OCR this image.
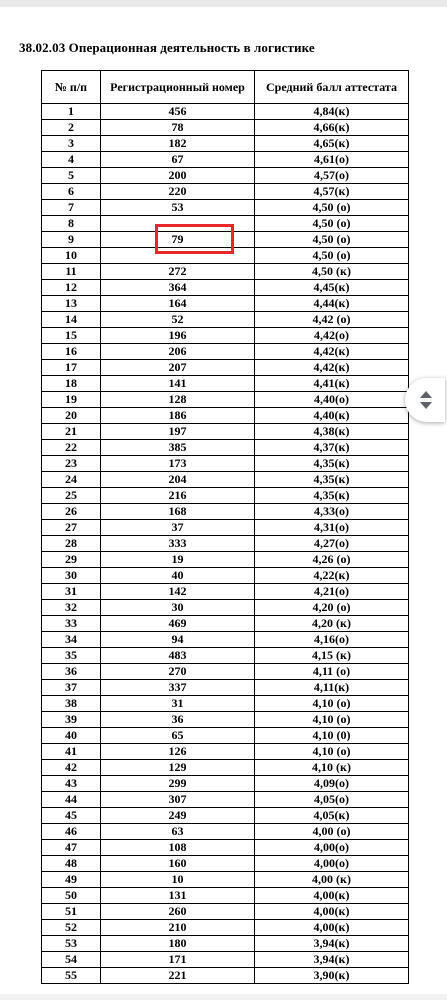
38.02.03 Операционная деятельность в логистике
№ п/п	Регистрационный номер	Средний балл аттестата
1	456	4,84(к)
2	78	4,66(к)
3	182	4,65(к)
4	67	4,61(о)
5	200	4,57(о)
6	220	4,57(к)
7	53	4,50 (о)
8		4,50 (о)
9	79	4,50 (о)
10		4,50 (о)
11	272	4,50 (к)
12	364	4,45(к)
13	164	4,44(к)
14	52	4,42 (о)
15	196	4,42(о)
16	206	4,42(к)
17	207	4,42(к)
18	141	4,41(к)
19	128	4,40(о)
20	186	4,40(к)
21	197	4,38(к)
22	385	4,37(к)
23	173	4,35(к)
24	204	4,35(к)
25	216	4,35(к)
26	168	4,33(о)
27	37	4,31(о)
28	333	4,27(о)
29	19	4,26 (о)
30	40	4,22(к)
31	142	4,21(о)
32	30	4,20 (о)
33	469	4,20 (к)
34	94	4,16(о)
35	483	4,15 (к)
36	270	4,11 (о)
37	337	4,11(к)
38	31	4,10 (о)
39	36	4,10 (о)
40	65	4,10 (0)
41	126	4,10 (о)
42	129	4,10 (к)
43	299	4,09(о)
44	307	4,05(о)
45	249	4,05(к)
46	63	4,00 (о)
47	108	4,00(о)
48	160	4,00(о)
49	10	4,00 (к)
50	131	4,00(к)
51	260	4,00(к)
52	210	4,00(к)
53	180	3,94(к)
54	171	3,94(к)
55	221	3,90(к)
